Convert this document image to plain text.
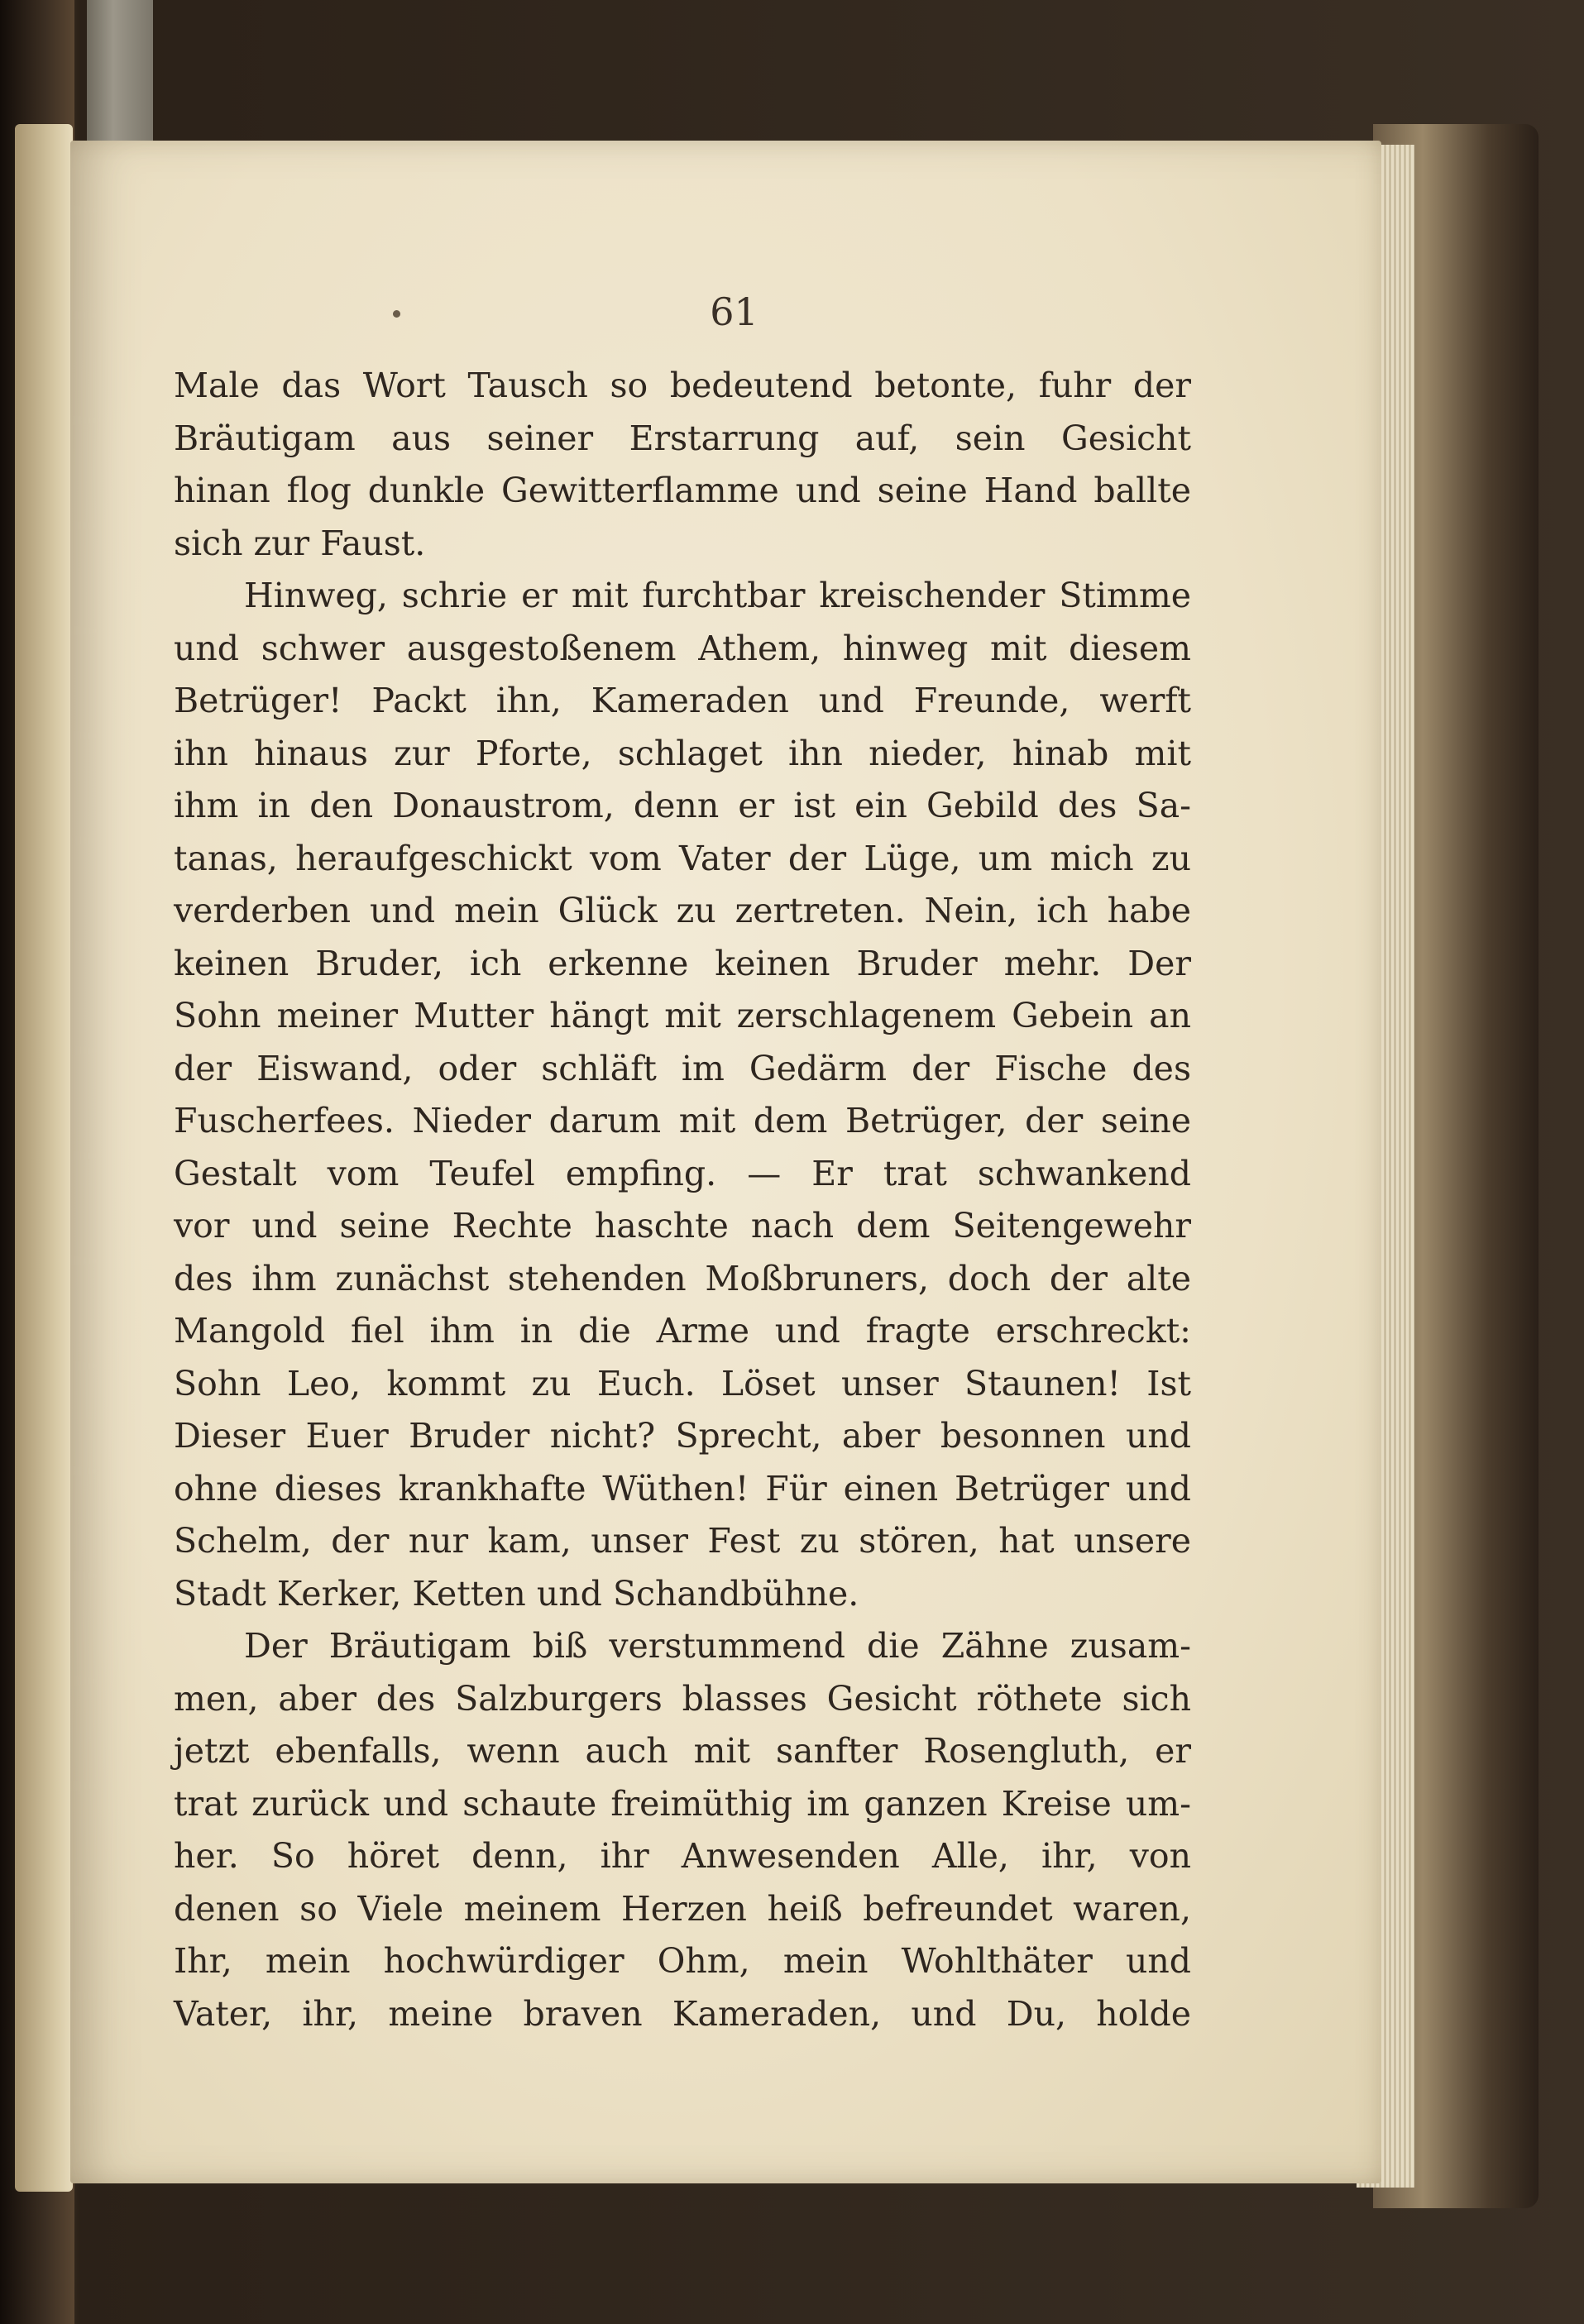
61
Male das Wort Tausch so bedeutend betonte, fuhr der
Bräutigam aus seiner Erstarrung auf, sein Gesicht
hinan flog dunkle Gewitterflamme und seine Hand ballte
sich zur Faust.
Hinweg, schrie er mit furchtbar kreischender Stimme
und schwer ausgestoßenem Athem, hinweg mit diesem
Betrüger! Packt ihn, Kameraden und Freunde, werft
ihn hinaus zur Pforte, schlaget ihn nieder, hinab mit
ihm in den Donaustrom, denn er ist ein Gebild des Sa-
tanas, heraufgeschickt vom Vater der Lüge, um mich zu
verderben und mein Glück zu zertreten. Nein, ich habe
keinen Bruder, ich erkenne keinen Bruder mehr. Der
Sohn meiner Mutter hängt mit zerschlagenem Gebein an
der Eiswand, oder schläft im Gedärm der Fische des
Fuscherfees. Nieder darum mit dem Betrüger, der seine
Gestalt vom Teufel empfing. — Er trat schwankend
vor und seine Rechte haschte nach dem Seitengewehr
des ihm zunächst stehenden Moßbruners, doch der alte
Mangold fiel ihm in die Arme und fragte erschreckt:
Sohn Leo, kommt zu Euch. Löset unser Staunen! Ist
Dieser Euer Bruder nicht? Sprecht, aber besonnen und
ohne dieses krankhafte Wüthen! Für einen Betrüger und
Schelm, der nur kam, unser Fest zu stören, hat unsere
Stadt Kerker, Ketten und Schandbühne.
Der Bräutigam biß verstummend die Zähne zusam-
men, aber des Salzburgers blasses Gesicht röthete sich
jetzt ebenfalls, wenn auch mit sanfter Rosengluth, er
trat zurück und schaute freimüthig im ganzen Kreise um-
her. So höret denn, ihr Anwesenden Alle, ihr, von
denen so Viele meinem Herzen heiß befreundet waren,
Ihr, mein hochwürdiger Ohm, mein Wohlthäter und
Vater, ihr, meine braven Kameraden, und Du, holde
